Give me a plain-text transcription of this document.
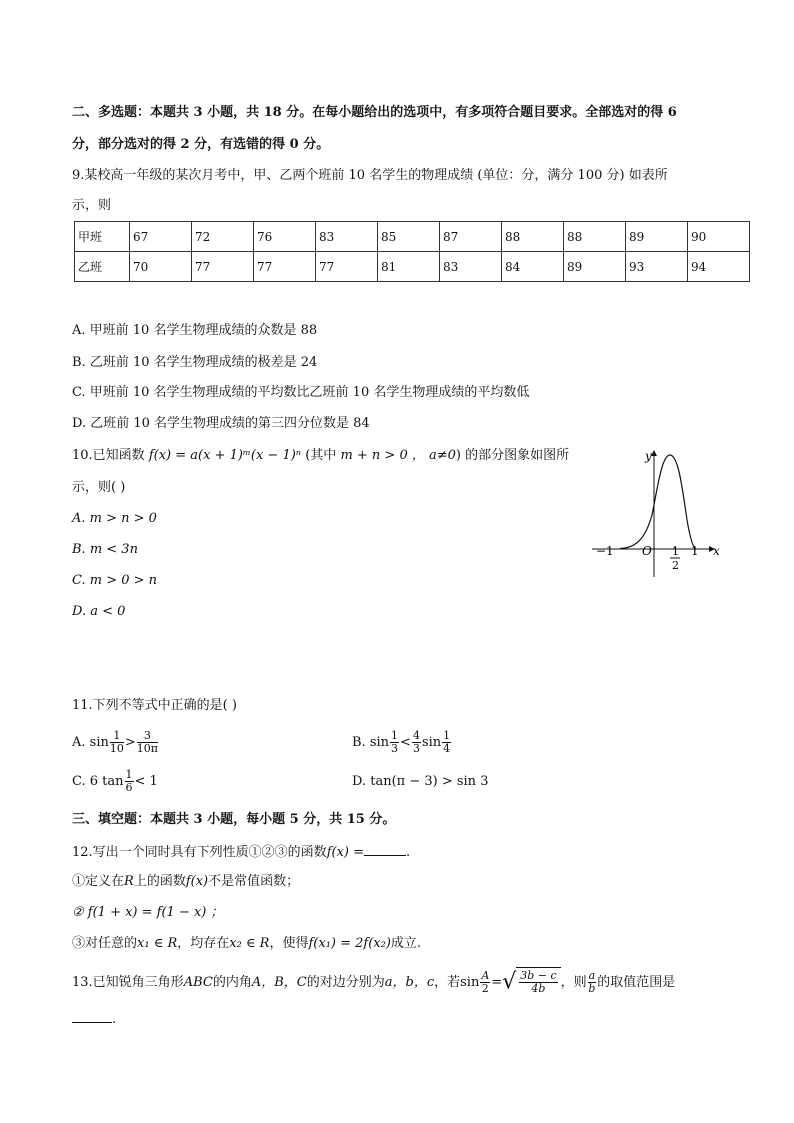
二、多选题：本题共 3 小题，共 18 分。在每小题给出的选项中，有多项符合题目要求。全部选对的得 6
分，部分选对的得 2 分，有选错的得 0 分。
9.某校高一年级的某次月考中，甲、乙两个班前 10 名学生的物理成绩 (单位：分，满分 100 分) 如表所
示，则
甲班	67	72	76	83	85	87	88	88	89	90
乙班	70	77	77	77	81	83	84	89	93	94
A. 甲班前 10 名学生物理成绩的众数是 88
B. 乙班前 10 名学生物理成绩的极差是 24
C. 甲班前 10 名学生物理成绩的平均数比乙班前 10 名学生物理成绩的平均数低
D. 乙班前 10 名学生物理成绩的第三四分位数是 84
10.已知函数 f(x) = a(x + 1)ᵐ(x − 1)ⁿ (其中 m + n > 0 ， a≠0) 的部分图象如图所
示，则( )
A. m > n > 0
B. m < 3n
C. m > 0 > n
D. a < 0
y
x
O
−1	1
1
2
11.下列不等式中正确的是( )
A. $\sin \frac{1}{10} > \frac{3}{10\pi}$	B. $\sin \frac{1}{3} < \frac{4}{3}$ $\sin \frac{1}{4}$
C. 6 $\tan \frac{1}{6} < 1$	D. tan(π − 3) > sin 3
三、填空题：本题共 3 小题，每小题 5 分，共 15 分。
12.写出一个同时具有下列性质①②③的函数f(x) =	.
①定义在R上的函数f(x)不是常值函数；
② f(1 + x) = f(1 − x) ；
③对任意的x₁ ∈ R，均存在x₂ ∈ R，使得f(x₁) = 2f(x₂)成立.
13.已知锐角三角形ABC的内角A，B，C的对边分别为a，b，c，若$\sin \frac{A}{2}$ =√ $\frac{3b - c}{4b}$ ，则 $\frac{a}{b}$ 的取值范围是
.
